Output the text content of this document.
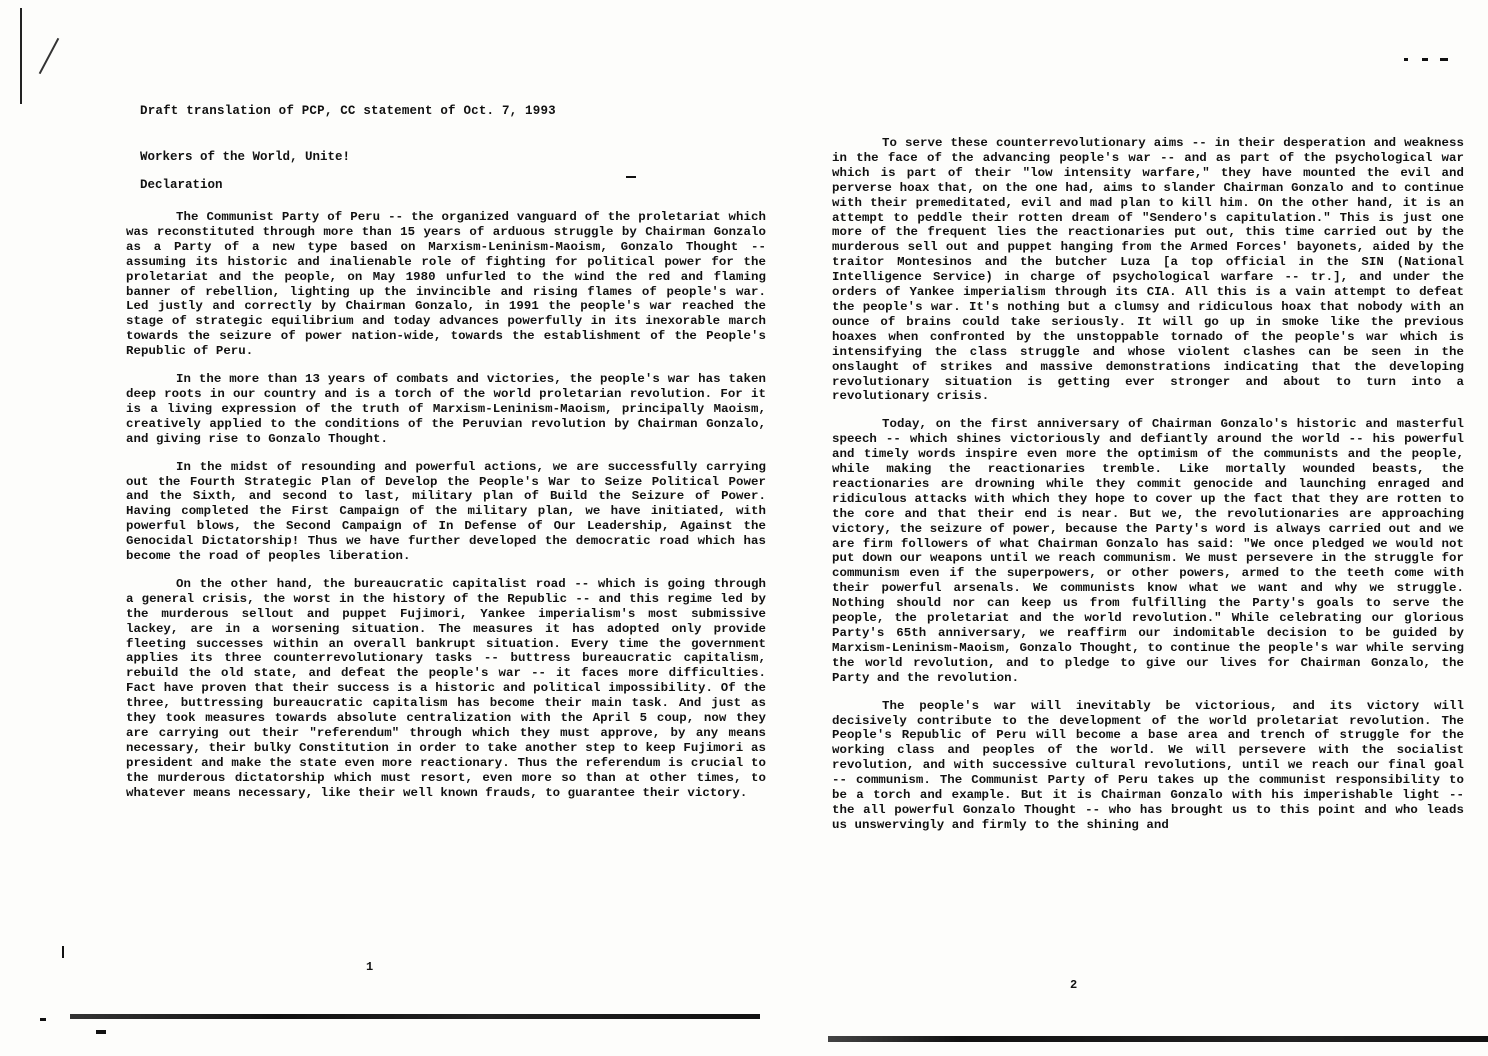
Draft translation of PCP, CC statement of Oct. 7, 1993
Workers of the World, Unite!
Declaration

The Communist Party of Peru -- the organized vanguard of the proletariat which was reconstituted through more than 15 years of arduous struggle by Chairman Gonzalo as a Party of a new type based on Marxism-Leninism-Maoism, Gonzalo Thought -- assuming its historic and inalienable role of fighting for political power for the proletariat and the people, on May 1980 unfurled to the wind the red and flaming banner of rebellion, lighting up the invincible and rising flames of people's war. Led justly and correctly by Chairman Gonzalo, in 1991 the people's war reached the stage of strategic equilibrium and today advances powerfully in its inexorable march towards the seizure of power nation-wide, towards the establishment of the People's Republic of Peru.

In the more than 13 years of combats and victories, the people's war has taken deep roots in our country and is a torch of the world proletarian revolution. For it is a living expression of the truth of Marxism-Leninism-Maoism, principally Maoism, creatively applied to the conditions of the Peruvian revolution by Chairman Gonzalo, and giving rise to Gonzalo Thought.

In the midst of resounding and powerful actions, we are successfully carrying out the Fourth Strategic Plan of Develop the People's War to Seize Political Power and the Sixth, and second to last, military plan of Build the Seizure of Power. Having completed the First Campaign of the military plan, we have initiated, with powerful blows, the Second Campaign of In Defense of Our Leadership, Against the Genocidal Dictatorship! Thus we have further developed the democratic road which has become the road of peoples liberation.

On the other hand, the bureaucratic capitalist road -- which is going through a general crisis, the worst in the history of the Republic -- and this regime led by the murderous sellout and puppet Fujimori, Yankee imperialism's most submissive lackey, are in a worsening situation. The measures it has adopted only provide fleeting successes within an overall bankrupt situation. Every time the government applies its three counterrevolutionary tasks -- buttress bureaucratic capitalism, rebuild the old state, and defeat the people's war -- it faces more difficulties. Fact have proven that their success is a historic and political impossibility. Of the three, buttressing bureaucratic capitalism has become their main task. And just as they took measures towards absolute centralization with the April 5 coup, now they are carrying out their "referendum" through which they must approve, by any means necessary, their bulky Constitution in order to take another step to keep Fujimori as president and make the state even more reactionary. Thus the referendum is crucial to the murderous dictatorship which must resort, even more so than at other times, to whatever means necessary, like their well known frauds, to guarantee their victory.

1

To serve these counterrevolutionary aims -- in their desperation and weakness in the face of the advancing people's war -- and as part of the psychological war which is part of their "low intensity warfare," they have mounted the evil and perverse hoax that, on the one had, aims to slander Chairman Gonzalo and to continue with their premeditated, evil and mad plan to kill him. On the other hand, it is an attempt to peddle their rotten dream of "Sendero's capitulation." This is just one more of the frequent lies the reactionaries put out, this time carried out by the murderous sell out and puppet hanging from the Armed Forces' bayonets, aided by the traitor Montesinos and the butcher Luza [a top official in the SIN (National Intelligence Service) in charge of psychological warfare -- tr.], and under the orders of Yankee imperialism through its CIA. All this is a vain attempt to defeat the people's war. It's nothing but a clumsy and ridiculous hoax that nobody with an ounce of brains could take seriously. It will go up in smoke like the previous hoaxes when confronted by the unstoppable tornado of the people's war which is intensifying the class struggle and whose violent clashes can be seen in the onslaught of strikes and massive demonstrations indicating that the developing revolutionary situation is getting ever stronger and about to turn into a revolutionary crisis.

Today, on the first anniversary of Chairman Gonzalo's historic and masterful speech -- which shines victoriously and defiantly around the world -- his powerful and timely words inspire even more the optimism of the communists and the people, while making the reactionaries tremble. Like mortally wounded beasts, the reactionaries are drowning while they commit genocide and launching enraged and ridiculous attacks with which they hope to cover up the fact that they are rotten to the core and that their end is near. But we, the revolutionaries are approaching victory, the seizure of power, because the Party's word is always carried out and we are firm followers of what Chairman Gonzalo has said: "We once pledged we would not put down our weapons until we reach communism. We must persevere in the struggle for communism even if the superpowers, or other powers, armed to the teeth come with their powerful arsenals. We communists know what we want and why we struggle. Nothing should nor can keep us from fulfilling the Party's goals to serve the people, the proletariat and the world revolution." While celebrating our glorious Party's 65th anniversary, we reaffirm our indomitable decision to be guided by Marxism-Leninism-Maoism, Gonzalo Thought, to continue the people's war while serving the world revolution, and to pledge to give our lives for Chairman Gonzalo, the Party and the revolution.

The people's war will inevitably be victorious, and its victory will decisively contribute to the development of the world proletariat revolution. The People's Republic of Peru will become a base area and trench of struggle for the working class and peoples of the world. We will persevere with the socialist revolution, and with successive cultural revolutions, until we reach our final goal -- communism. The Communist Party of Peru takes up the communist responsibility to be a torch and example. But it is Chairman Gonzalo with his imperishable light -- the all powerful Gonzalo Thought -- who has brought us to this point and who leads us unswervingly and firmly to the shining and

2
